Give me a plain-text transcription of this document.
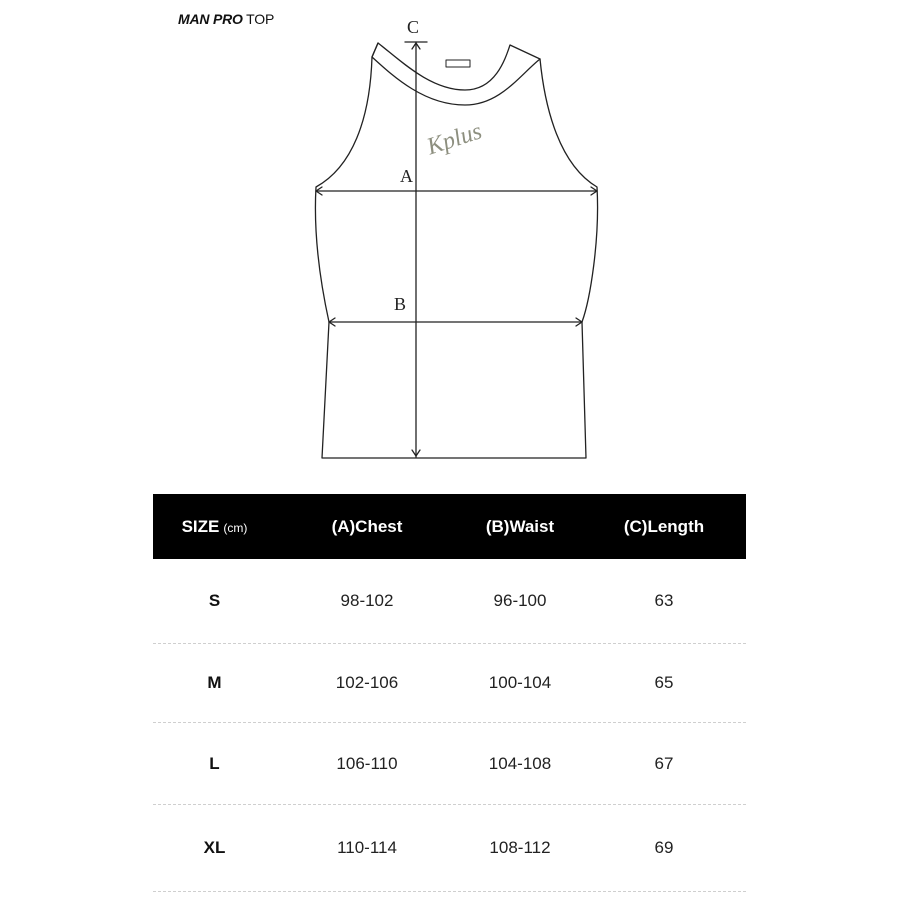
MAN PRO TOP	C
A
B
Kplus
SIZE (cm)	(A)Chest	(B)Waist	(C)Length
S	98-102	96-100	63
M	102-106	100-104	65
L	106-110	104-108	67
XL	110-114	108-112	69
